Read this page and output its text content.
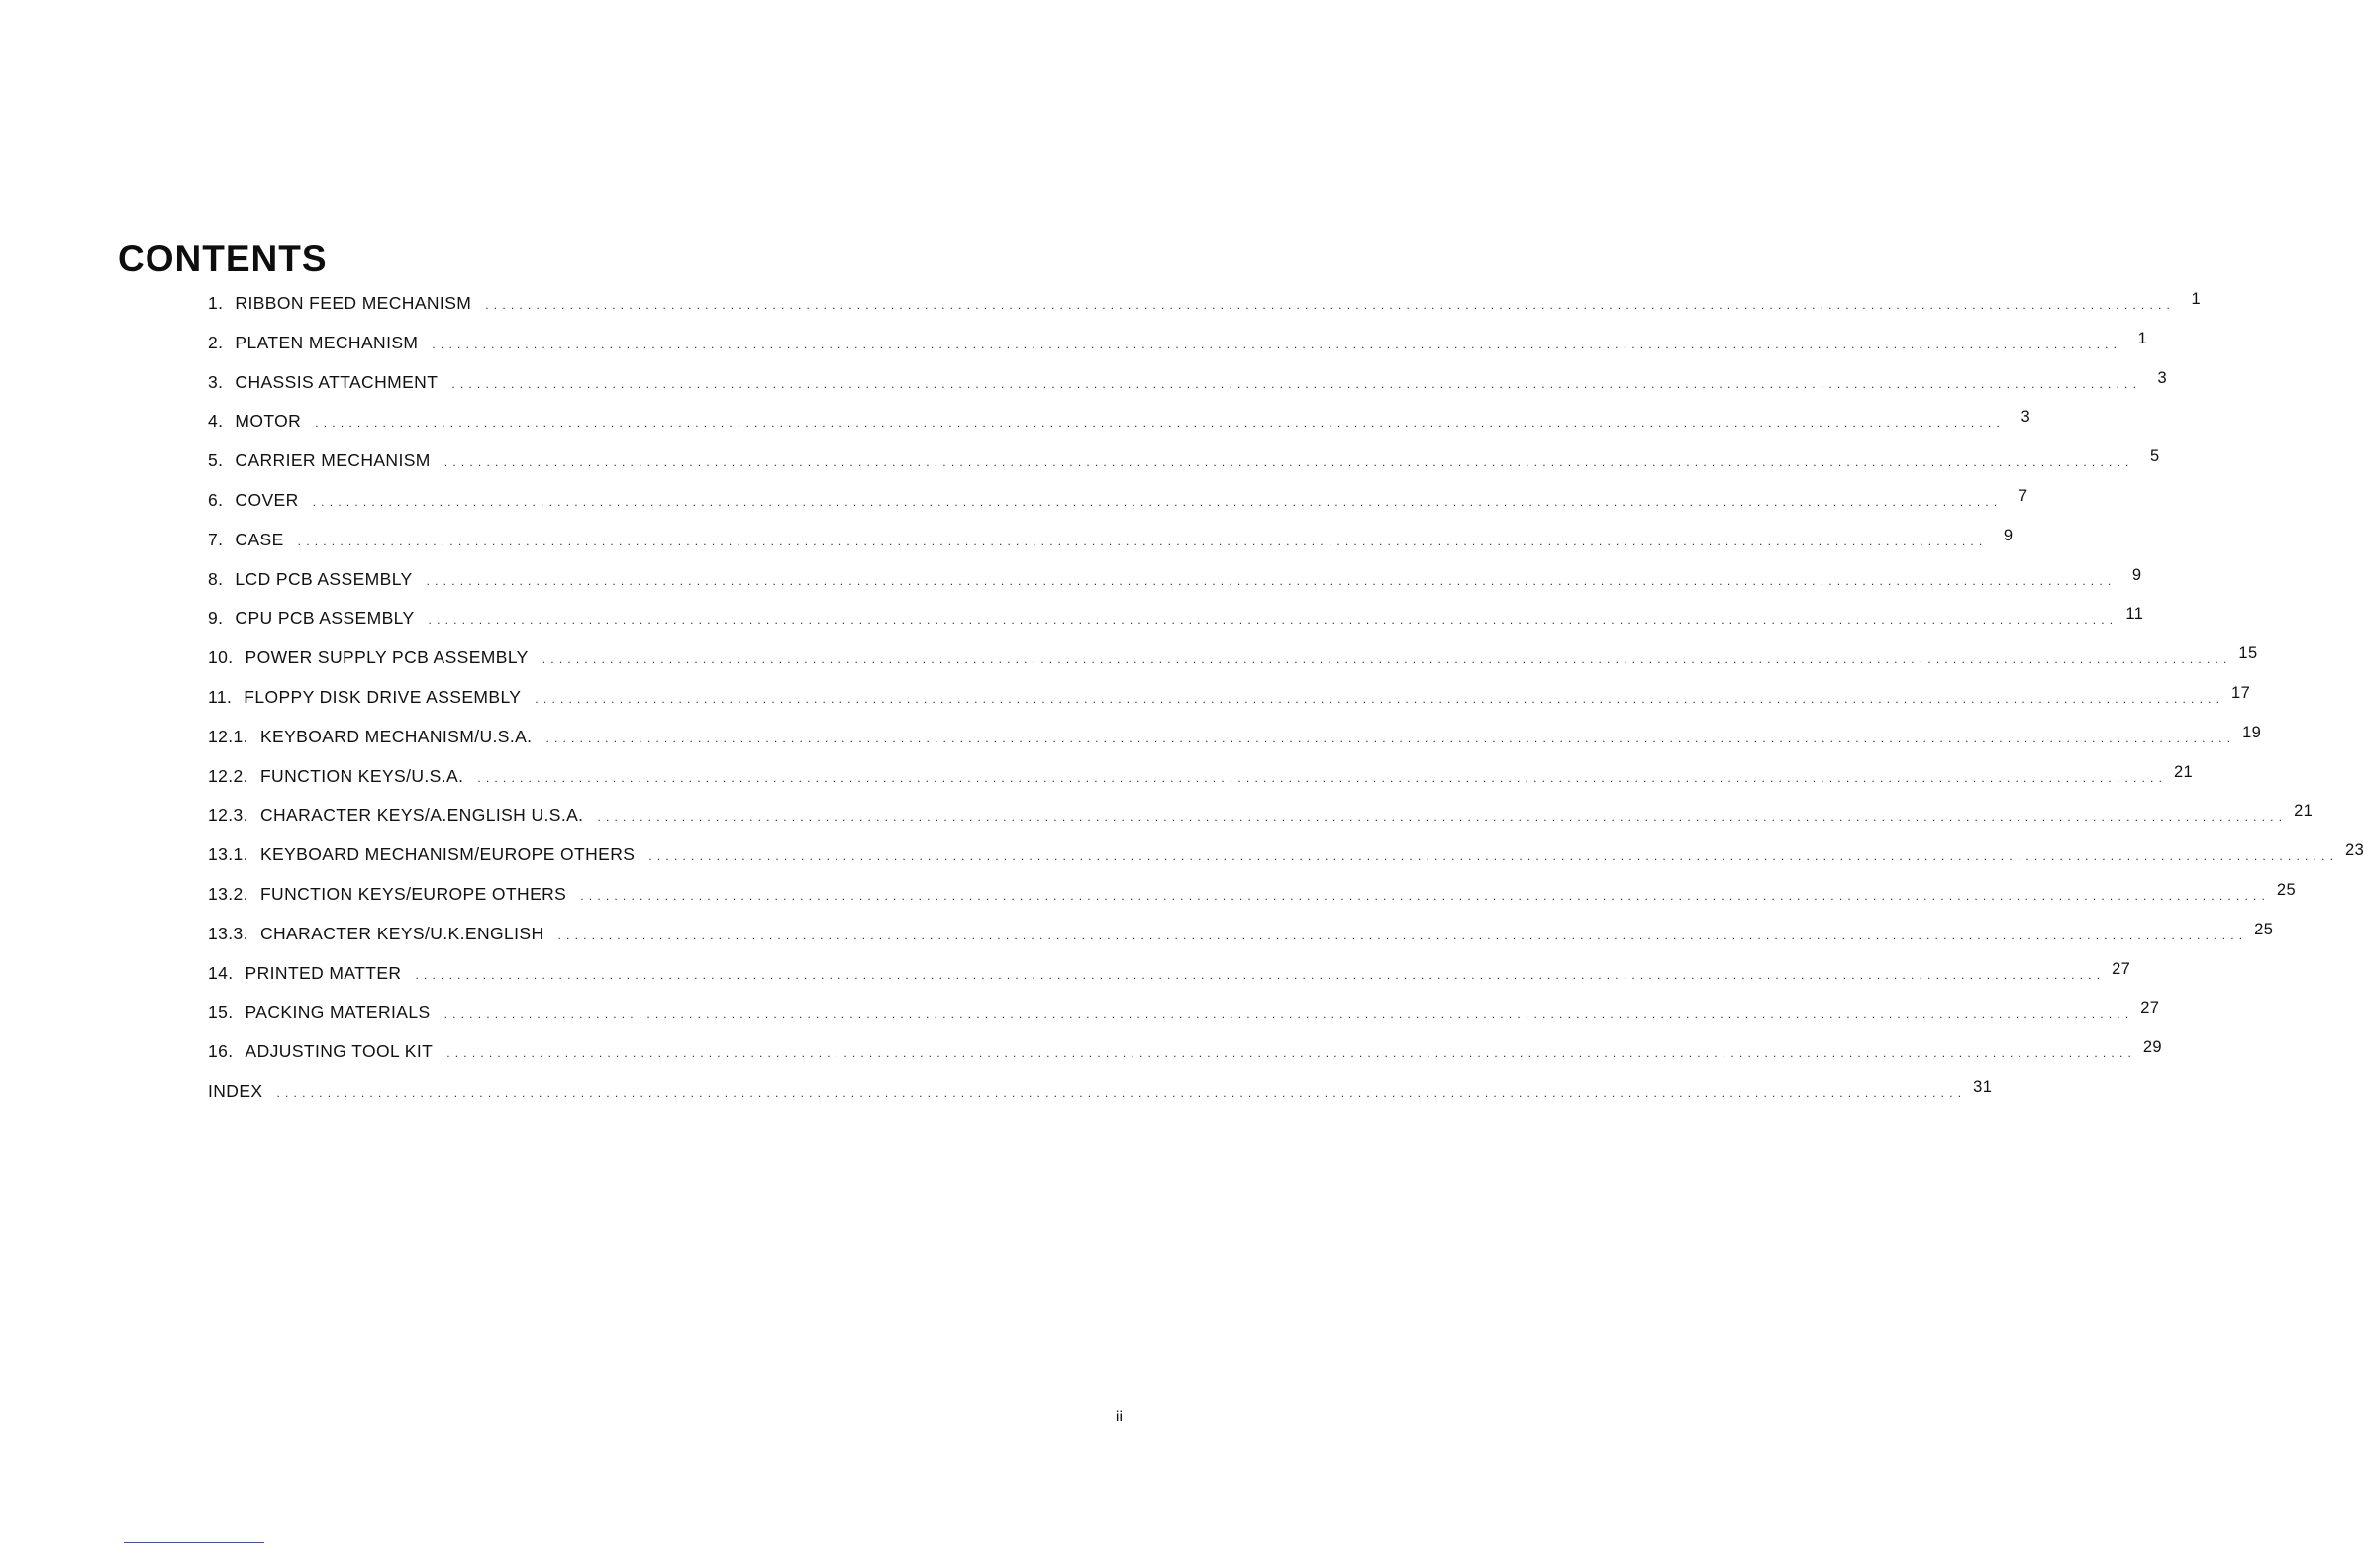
CONTENTS
1. RIBBON FEED MECHANISM ........................................................................................................................................................................................................ 1
2. PLATEN MECHANISM ........................................................................................................................................................................................................ 1
3. CHASSIS ATTACHMENT ........................................................................................................................................................................................................ 3
4. MOTOR ........................................................................................................................................................................................................ 3
5. CARRIER MECHANISM ........................................................................................................................................................................................................ 5
6. COVER ........................................................................................................................................................................................................ 7
7. CASE ........................................................................................................................................................................................................ 9
8. LCD PCB ASSEMBLY ........................................................................................................................................................................................................ 9
9. CPU PCB ASSEMBLY ........................................................................................................................................................................................................ 11
10. POWER SUPPLY PCB ASSEMBLY ........................................................................................................................................................................................................ 15
11. FLOPPY DISK DRIVE ASSEMBLY ........................................................................................................................................................................................................ 17
12.1. KEYBOARD MECHANISM/U.S.A. ........................................................................................................................................................................................................ 19
12.2. FUNCTION KEYS/U.S.A. ........................................................................................................................................................................................................ 21
12.3. CHARACTER KEYS/A.ENGLISH U.S.A. ........................................................................................................................................................................................................ 21
13.1. KEYBOARD MECHANISM/EUROPE OTHERS ........................................................................................................................................................................................................ 23
13.2. FUNCTION KEYS/EUROPE OTHERS ........................................................................................................................................................................................................ 25
13.3. CHARACTER KEYS/U.K.ENGLISH ........................................................................................................................................................................................................ 25
14. PRINTED MATTER ........................................................................................................................................................................................................ 27
15. PACKING MATERIALS ........................................................................................................................................................................................................ 27
16. ADJUSTING TOOL KIT ........................................................................................................................................................................................................ 29
INDEX ........................................................................................................................................................................................................ 31
ii
